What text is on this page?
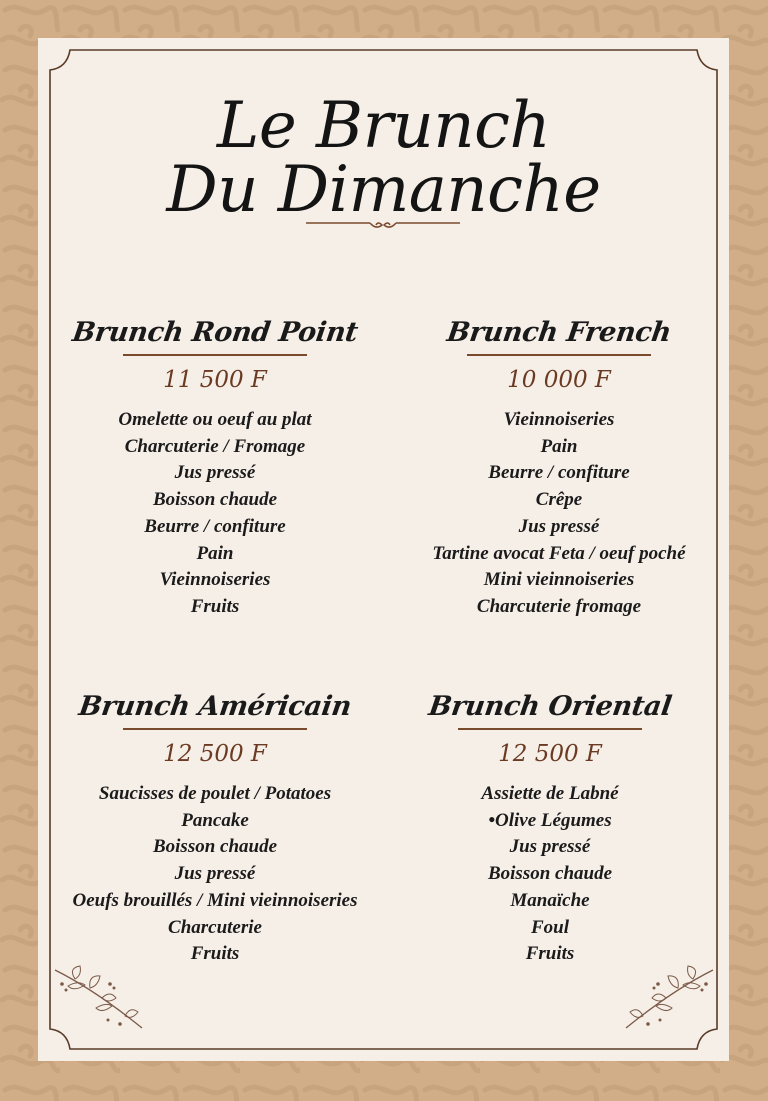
Le Brunch
Du Dimanche
Brunch Rond Point
11 500 F
Omelette ou oeuf au plat
Charcuterie / Fromage
Jus pressé
Boisson chaude
Beurre / confiture
Pain
Vieinnoiseries
Fruits
Brunch French
10 000 F
Vieinnoiseries
Pain
Beurre / confiture
Crêpe
Jus pressé
Tartine avocat Feta / oeuf poché
Mini vieinnoiseries
Charcuterie fromage
Brunch Américain
12 500 F
Saucisses de poulet / Potatoes
Pancake
Boisson chaude
Jus pressé
Oeufs brouillés / Mini vieinnoiseries
Charcuterie
Fruits
Brunch Oriental
12 500 F
Assiette de Labné
•Olive Légumes
Jus pressé
Boisson chaude
Manaïche
Foul
Fruits
